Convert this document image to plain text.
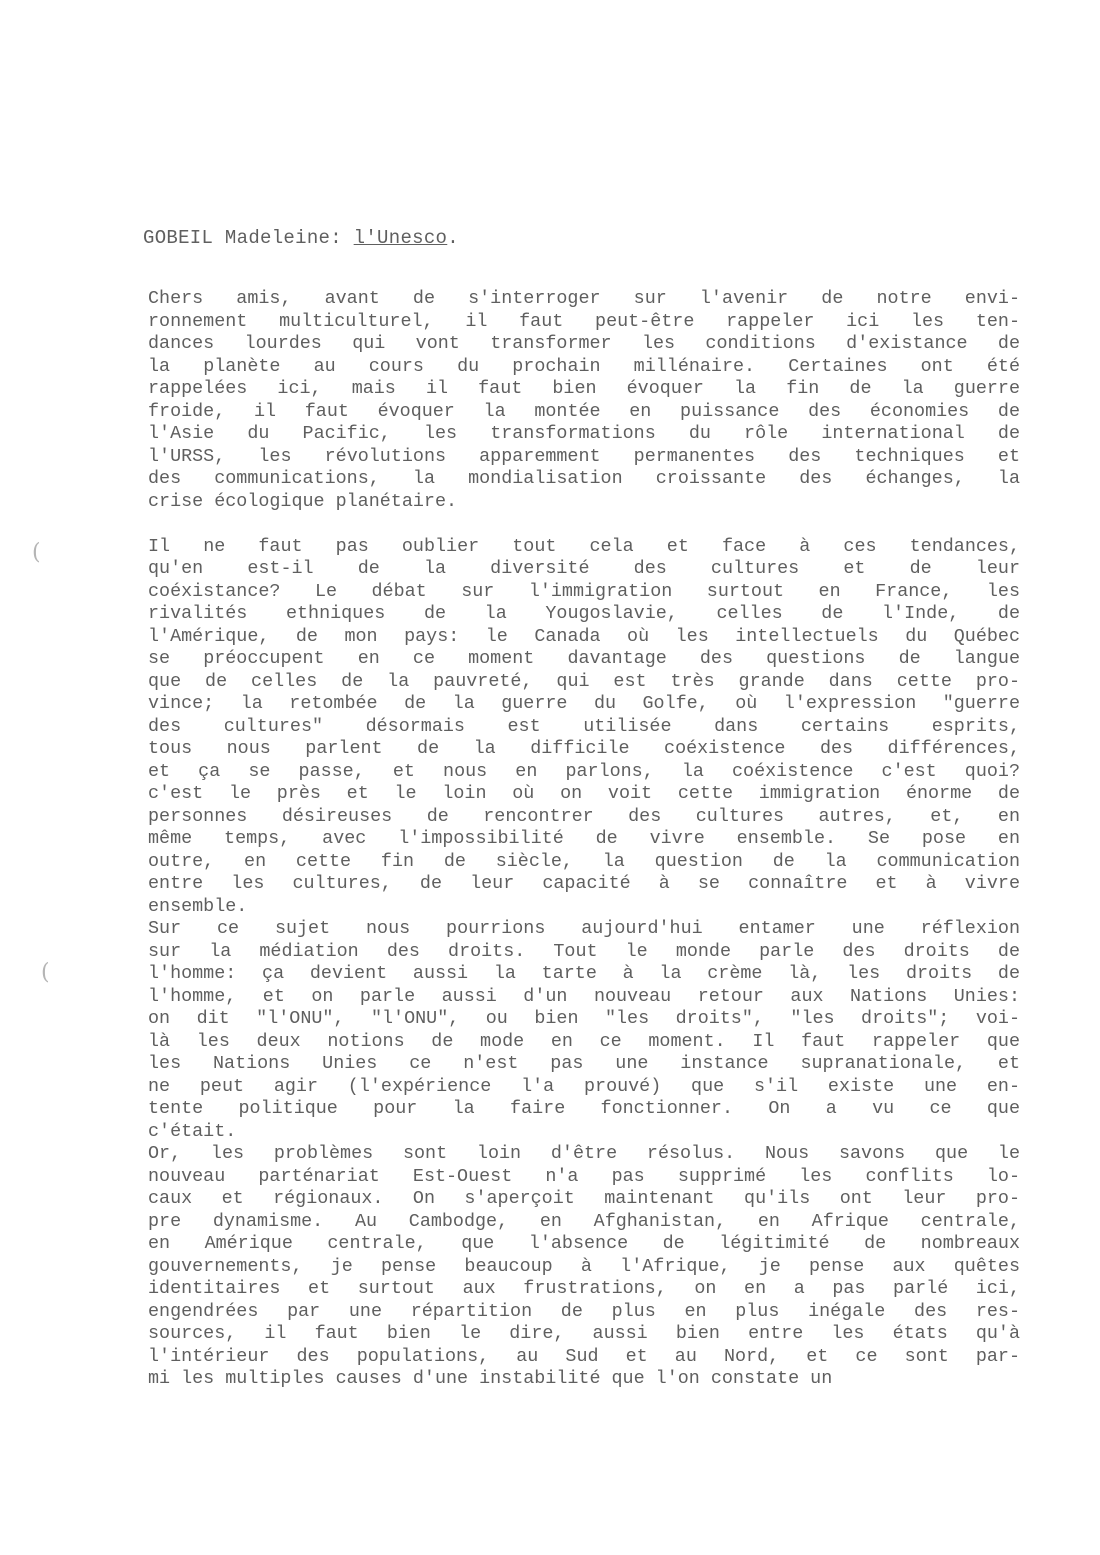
GOBEIL Madeleine: l'Unesco.
(
(
Chers amis, avant de s'interroger sur l'avenir de notre envi-
ronnement multiculturel, il faut peut-être rappeler ici les ten-
dances lourdes qui vont transformer les conditions d'existance de
la planète au cours du prochain millénaire. Certaines ont été
rappelées ici, mais il faut bien évoquer la fin de la guerre
froide, il faut évoquer la montée en puissance des économies de
l'Asie du Pacific, les transformations du rôle international de
l'URSS, les révolutions apparemment permanentes des techniques et
des communications, la mondialisation croissante des échanges, la
crise écologique planétaire.
Il ne faut pas oublier tout cela et face à ces tendances,
qu'en est-il de la diversité des cultures et de leur
coéxistance? Le débat sur l'immigration surtout en France, les
rivalités ethniques de la Yougoslavie, celles de l'Inde, de
l'Amérique, de mon pays: le Canada où les intellectuels du Québec
se préoccupent en ce moment davantage des questions de langue
que de celles de la pauvreté, qui est très grande dans cette pro-
vince; la retombée de la guerre du Golfe, où l'expression "guerre
des cultures" désormais est utilisée dans certains esprits,
tous nous parlent de la difficile coéxistence des différences,
et ça se passe, et nous en parlons, la coéxistence c'est quoi?
c'est le près et le loin où on voit cette immigration énorme de
personnes désireuses de rencontrer des cultures autres, et, en
même temps, avec l'impossibilité de vivre ensemble. Se pose en
outre, en cette fin de siècle, la question de la communication
entre les cultures, de leur capacité à se connaître et à vivre
ensemble.
Sur ce sujet nous pourrions aujourd'hui entamer une réflexion
sur la médiation des droits. Tout le monde parle des droits de
l'homme: ça devient aussi la tarte à la crème là, les droits de
l'homme, et on parle aussi d'un nouveau retour aux Nations Unies:
on dit "l'ONU", "l'ONU", ou bien "les droits", "les droits"; voi-
là les deux notions de mode en ce moment. Il faut rappeler que
les Nations Unies ce n'est pas une instance supranationale, et
ne peut agir (l'expérience l'a prouvé) que s'il existe une en-
tente politique pour la faire fonctionner. On a vu ce que
c'était.
Or, les problèmes sont loin d'être résolus. Nous savons que le
nouveau parténariat Est-Ouest n'a pas supprimé les conflits lo-
caux et régionaux. On s'aperçoit maintenant qu'ils ont leur pro-
pre dynamisme. Au Cambodge, en Afghanistan, en Afrique centrale,
en Amérique centrale, que l'absence de légitimité de nombreaux
gouvernements, je pense beaucoup à l'Afrique, je pense aux quêtes
identitaires et surtout aux frustrations, on en a pas parlé ici,
engendrées par une répartition de plus en plus inégale des res-
sources, il faut bien le dire, aussi bien entre les états qu'à
l'intérieur des populations, au Sud et au Nord, et ce sont par-
mi les multiples causes d'une instabilité que l'on constate un
